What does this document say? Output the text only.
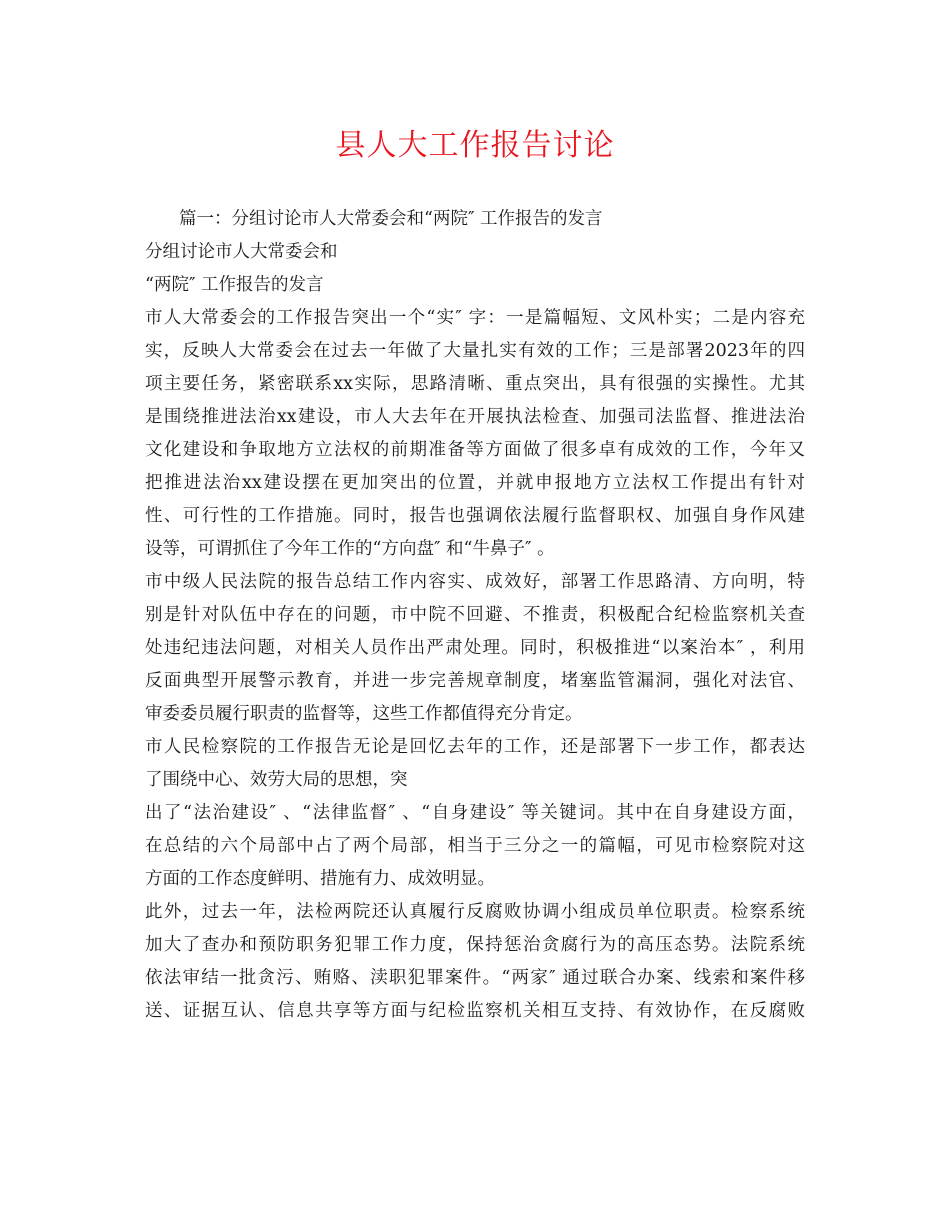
县人大工作报告讨论
篇一：分组讨论市人大常委会和“两院″ 工作报告的发言
分组讨论市人大常委会和
“两院″ 工作报告的发言
市人大常委会的工作报告突出一个“实″ 字：一是篇幅短、文风朴实；二是内容充
实，反映人大常委会在过去一年做了大量扎实有效的工作；三是部署2023年的四
项主要任务，紧密联系xx实际，思路清晰、重点突出，具有很强的实操性。尤其
是围绕推进法治xx建设，市人大去年在开展执法检查、加强司法监督、推进法治
文化建设和争取地方立法权的前期准备等方面做了很多卓有成效的工作，今年又
把推进法治xx建设摆在更加突出的位置，并就申报地方立法权工作提出有针对
性、可行性的工作措施。同时，报告也强调依法履行监督职权、加强自身作风建
设等，可谓抓住了今年工作的“方向盘″ 和“牛鼻子″ 。
市中级人民法院的报告总结工作内容实、成效好，部署工作思路清、方向明，特
别是针对队伍中存在的问题，市中院不回避、不推责，积极配合纪检监察机关查
处违纪违法问题，对相关人员作出严肃处理。同时，积极推进“以案治本″ ，利用
反面典型开展警示教育，并进一步完善规章制度，堵塞监管漏洞，强化对法官、
审委委员履行职责的监督等，这些工作都值得充分肯定。
市人民检察院的工作报告无论是回忆去年的工作，还是部署下一步工作，都表达
了围绕中心、效劳大局的思想，突
出了“法治建设″ 、“法律监督″ 、“自身建设″ 等关键词。其中在自身建设方面，
在总结的六个局部中占了两个局部，相当于三分之一的篇幅，可见市检察院对这
方面的工作态度鲜明、措施有力、成效明显。
此外，过去一年，法检两院还认真履行反腐败协调小组成员单位职责。检察系统
加大了查办和预防职务犯罪工作力度，保持惩治贪腐行为的高压态势。法院系统
依法审结一批贪污、贿赂、渎职犯罪案件。“两家″ 通过联合办案、线索和案件移
送、证据互认、信息共享等方面与纪检监察机关相互支持、有效协作，在反腐败
